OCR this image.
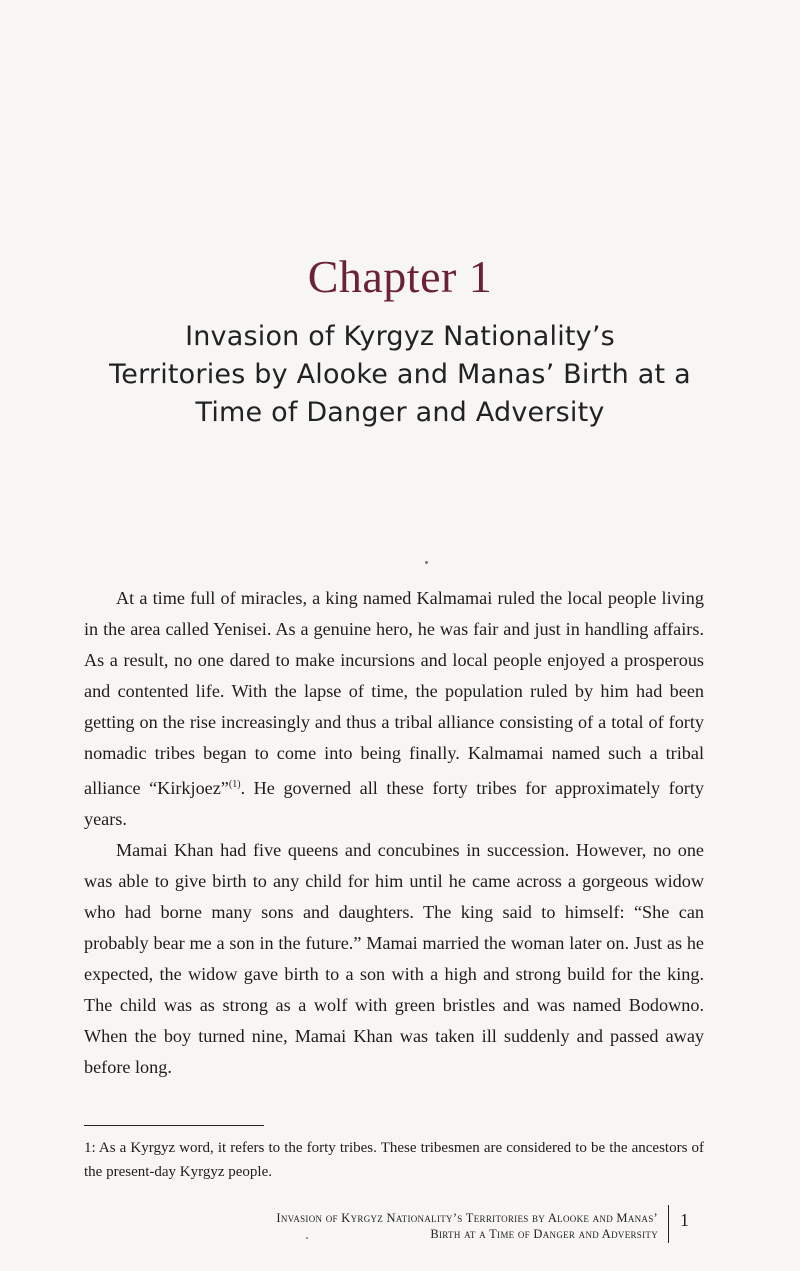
Chapter 1
Invasion of Kyrgyz Nationality’s
Territories by Alooke and Manas’ Birth at a
Time of Danger and Adversity

At a time full of miracles, a king named Kalmamai ruled the local people living in the area called Yenisei. As a genuine hero, he was fair and just in handling affairs. As a result, no one dared to make incursions and local people enjoyed a prosperous and contented life. With the lapse of time, the population ruled by him had been getting on the rise increasingly and thus a tribal alliance consisting of a total of forty nomadic tribes began to come into being finally. Kalmamai named such a tribal alliance “Kirkjoez”$^{(1)}$. He governed all these forty tribes for approximately forty years.

Mamai Khan had five queens and concubines in succession. However, no one was able to give birth to any child for him until he came across a gorgeous widow who had borne many sons and daughters. The king said to himself: “She can probably bear me a son in the future.” Mamai married the woman later on. Just as he expected, the widow gave birth to a son with a high and strong build for the king. The child was as strong as a wolf with green bristles and was named Bodowno. When the boy turned nine, Mamai Khan was taken ill suddenly and passed away before long.

1: As a Kyrgyz word, it refers to the forty tribes. These tribesmen are considered to be the ancestors of the present-day Kyrgyz people.
Invasion of Kyrgyz Nationality’s Territories by Alooke and Manas’
Birth at a Time of Danger and Adversity
1
